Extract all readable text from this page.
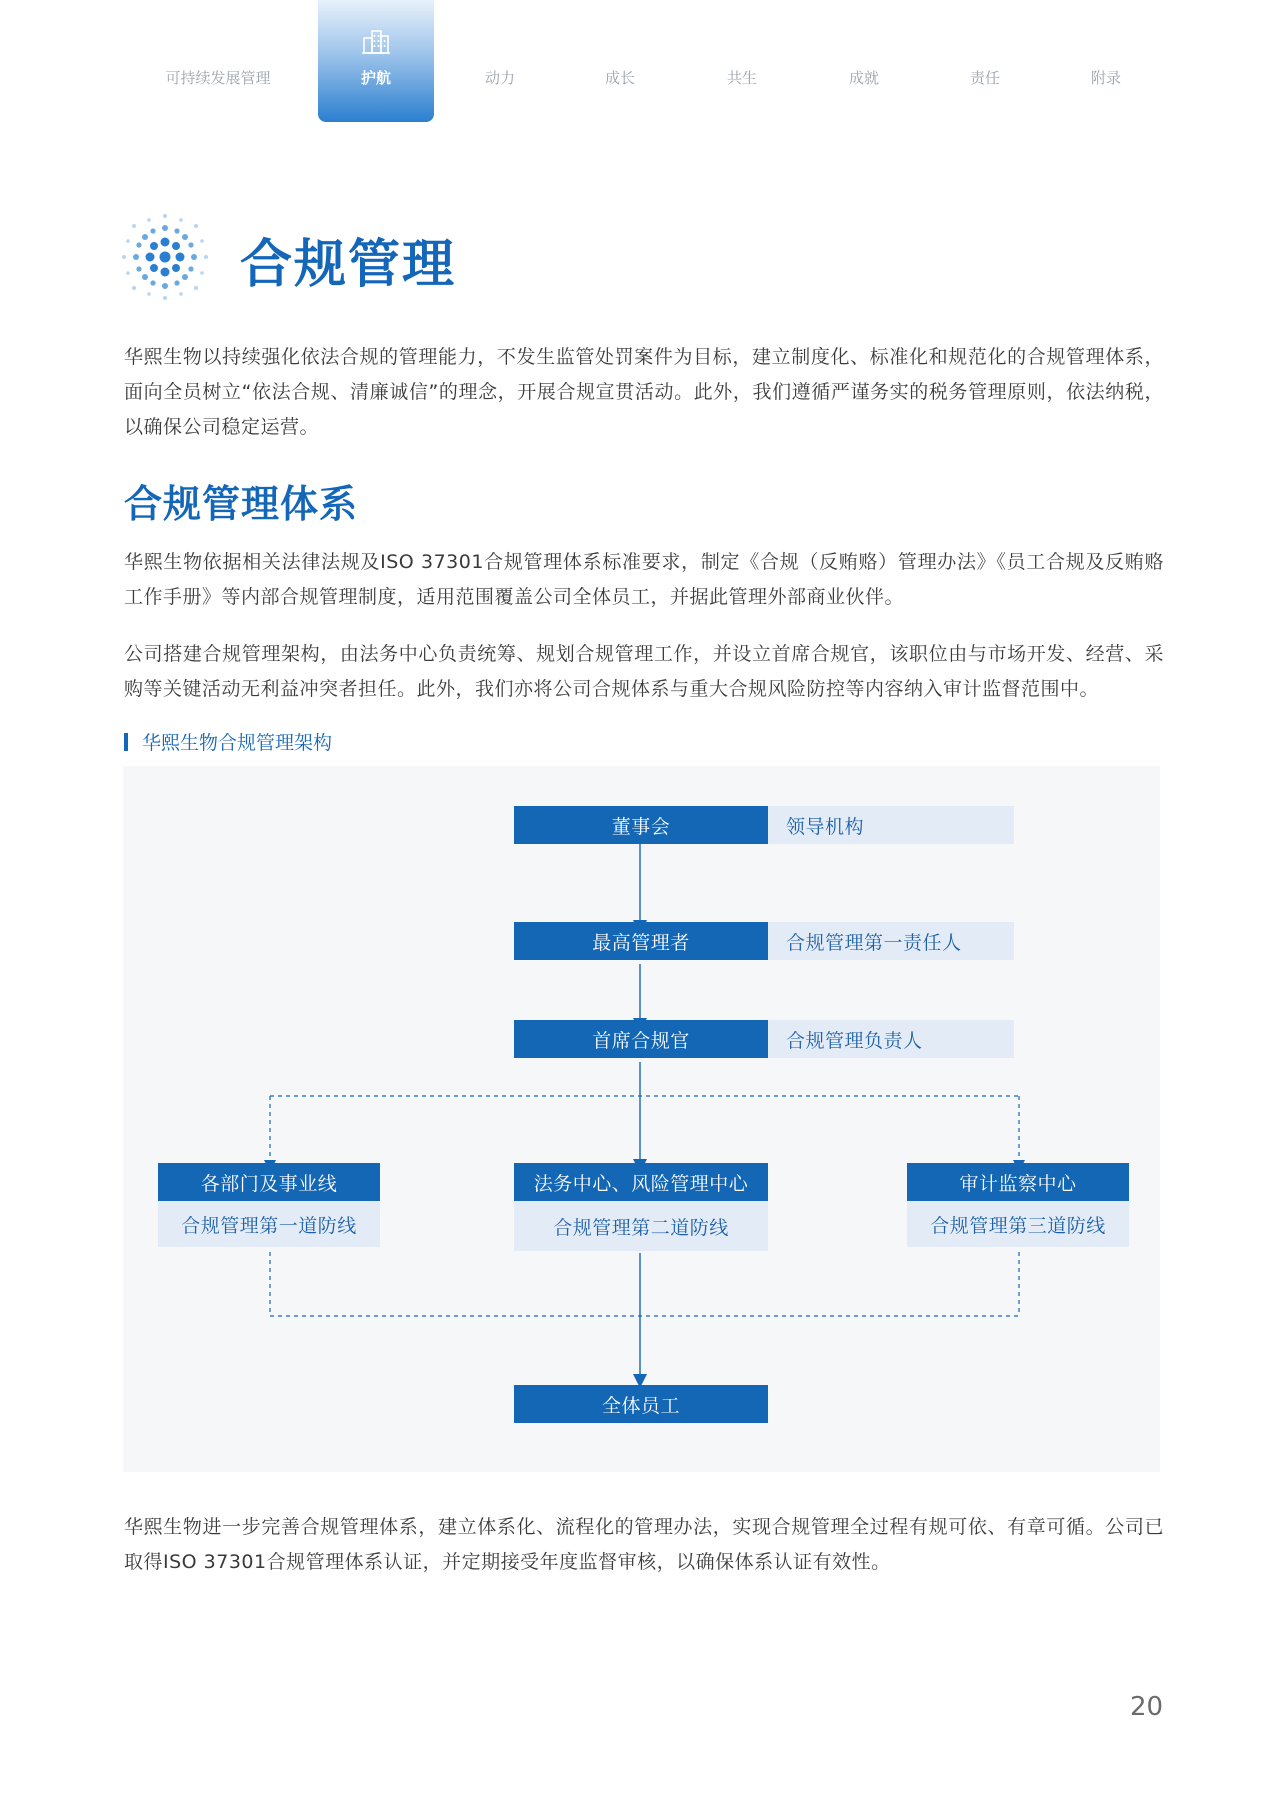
可持续发展管理	护航	动力	成长	共生	成就	责任	附录
合规管理

华熙生物以持续强化依法合规的管理能力，不发生监管处罚案件为目标，建立制度化、标准化和规范化的合规管理体系，面向全员树立“依法合规、清廉诚信”的理念，开展合规宣贯活动。此外，我们遵循严谨务实的税务管理原则，依法纳税，以确保公司稳定运营。

合规管理体系

华熙生物依据相关法律法规及ISO 37301合规管理体系标准要求，制定《合规（反贿赂）管理办法》《员工合规及反贿赂工作手册》等内部合规管理制度，适用范围覆盖公司全体员工，并据此管理外部商业伙伴。

公司搭建合规管理架构，由法务中心负责统筹、规划合规管理工作，并设立首席合规官，该职位由与市场开发、经营、采购等关键活动无利益冲突者担任。此外，我们亦将公司合规体系与重大合规风险防控等内容纳入审计监督范围中。

华熙生物合规管理架构
董事会	领导机构
最高管理者	合规管理第一责任人
首席合规官	合规管理负责人
各部门及事业线
合规管理第一道防线
法务中心、风险管理中心
合规管理第二道防线
审计监察中心
合规管理第三道防线
全体员工

华熙生物进一步完善合规管理体系，建立体系化、流程化的管理办法，实现合规管理全过程有规可依、有章可循。公司已取得ISO 37301合规管理体系认证，并定期接受年度监督审核，以确保体系认证有效性。

20
